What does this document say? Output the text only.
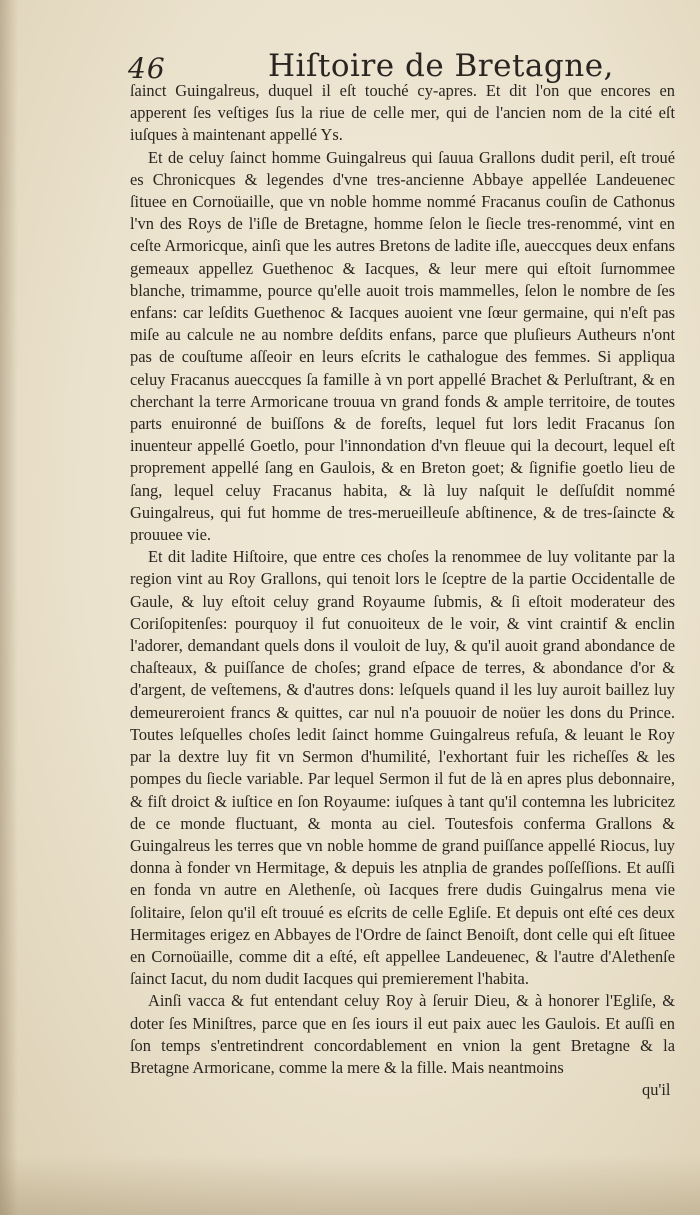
46	Hiſtoire de Bretagne,

ſainct Guingalreus, duquel il eſt touché cy-apres. Et dit l'on que encores en apperent ſes veſtiges ſus la riue de celle mer, qui de l'ancien nom de la cité eſt iuſques à maintenant appellé Ys.

Et de celuy ſainct homme Guingalreus qui ſauua Grallons dudit peril, eſt troué es Chronicques & legendes d'vne tres-ancienne Abbaye appellée Landeuenec ſituee en Cornoüaille, que vn noble homme nommé Fracanus couſin de Cathonus l'vn des Roys de l'iſle de Bretagne, homme ſelon le ſiecle tres-renommé, vint en ceſte Armoricque, ainſi que les autres Bretons de ladite iſle, aueccques deux enfans gemeaux appellez Guethenoc & Iacques, & leur mere qui eſtoit ſurnommee blanche, trimamme, pource qu'elle auoit trois mammelles, ſelon le nombre de ſes enfans: car leſdits Guethenoc & Iacques auoient vne ſœur germaine, qui n'eſt pas miſe au calcule ne au nombre deſdits enfans, parce que pluſieurs Autheurs n'ont pas de couſtume aſſeoir en leurs eſcrits le cathalogue des femmes. Si appliqua celuy Fracanus aueccques ſa famille à vn port appellé Brachet & Perluſtrant, & en cherchant la terre Armoricane trouua vn grand fonds & ample territoire, de toutes parts enuironné de buiſſons & de foreſts, lequel fut lors ledit Fracanus ſon inuenteur appellé Goetlo, pour l'innondation d'vn fleuue qui la decourt, lequel eſt proprement appellé ſang en Gaulois, & en Breton goet; & ſignifie goetlo lieu de ſang, lequel celuy Fracanus habita, & là luy naſquit le deſſuſdit nommé Guingalreus, qui fut homme de tres-merueilleuſe abſtinence, & de tres-ſaincte & prouuee vie.

Et dit ladite Hiſtoire, que entre ces choſes la renommee de luy volitante par la region vint au Roy Grallons, qui tenoit lors le ſceptre de la partie Occidentalle de Gaule, & luy eſtoit celuy grand Royaume ſubmis, & ſi eſtoit moderateur des Coriſopitenſes: pourquoy il fut conuoiteux de le voir, & vint craintif & enclin l'adorer, demandant quels dons il vouloit de luy, & qu'il auoit grand abondance de chaſteaux, & puiſſance de choſes; grand eſpace de terres, & abondance d'or & d'argent, de veſtemens, & d'autres dons: leſquels quand il les luy auroit baillez luy demeureroient francs & quittes, car nul n'a pouuoir de noüer les dons du Prince. Toutes leſquelles choſes ledit ſainct homme Guingalreus refuſa, & leuant le Roy par la dextre luy fit vn Sermon d'humilité, l'exhortant fuir les richeſſes & les pompes du ſiecle variable. Par lequel Sermon il fut de là en apres plus debonnaire, & fiſt droict & iuſtice en ſon Royaume: iuſques à tant qu'il contemna les lubricitez de ce monde fluctuant, & monta au ciel. Toutesfois conferma Grallons & Guingalreus les terres que vn noble homme de grand puiſſance appellé Riocus, luy donna à fonder vn Hermitage, & depuis les atnplia de grandes poſſeſſions. Et auſſi en fonda vn autre en Alethenſe, où Iacques frere dudis Guingalrus mena vie ſolitaire, ſelon qu'il eſt trouué es eſcrits de celle Egliſe. Et depuis ont eſté ces deux Hermitages erigez en Abbayes de l'Ordre de ſainct Benoiſt, dont celle qui eſt ſituee en Cornoüaille, comme dit a eſté, eſt appellee Landeuenec, & l'autre d'Alethenſe ſainct Iacut, du nom dudit Iacques qui premierement l'habita.

Ainſi vacca & fut entendant celuy Roy à ſeruir Dieu, & à honorer l'Egliſe, & doter ſes Miniſtres, parce que en ſes iours il eut paix auec les Gaulois. Et auſſi en ſon temps s'entretindrent concordablement en vnion la gent Bretagne & la Bretagne Armoricane, comme la mere & la fille. Mais neantmoins

qu'il
